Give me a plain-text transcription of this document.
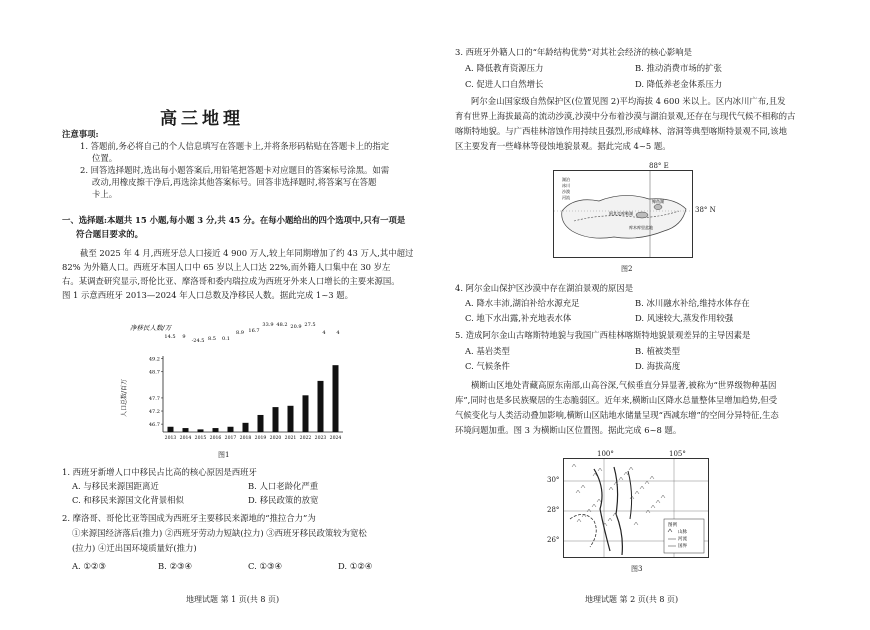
高三地理
注意事项:
1. 答题前,务必将自己的个人信息填写在答题卡上,并将条形码粘贴在答题卡上的指定
位置。
2. 回答选择题时,选出每小题答案后,用铅笔把答题卡对应题目的答案标号涂黑。如需
改动,用橡皮擦干净后,再选涂其他答案标号。回答非选择题时,将答案写在答题
卡上。
一、选择题:本题共 15 小题,每小题 3 分,共 45 分。在每小题给出的四个选项中,只有一项是
符合题目要求的。
截至 2025 年 4 月,西班牙总人口接近 4 900 万人,较上年同期增加了约 43 万人,其中超过
82% 为外籍人口。西班牙本国人口中 65 岁以上人口达 22%,而外籍人口集中在 30 岁左
右。某调查研究显示,哥伦比亚、摩洛哥和委内瑞拉成为西班牙外来人口增长的主要来源国。
图 1 示意西班牙 2013—2024 年人口总数及净移民人数。据此完成 1~3 题。
净移民人数/万
14.5 9
-24.5 8.5 0.1
8.9 16.7
33.9 48.2 20.9 27.5
4 4
49.2
48.7
47.7
47.2
46.7
人口总数/百万
2013 2014 2015 2016 2017 2018 2019 2020 2021 2022 2023 2024
图1
1. 西班牙新增人口中移民占比高的核心原因是西班牙
A. 与移民来源国距离近	B. 人口老龄化严重
C. 和移民来源国文化背景相似	D. 移民政策的放宽
2. 摩洛哥、哥伦比亚等国成为西班牙主要移民来源地的“推拉合力”为
①来源国经济落后(推力) ②西班牙劳动力短缺(拉力) ③西班牙移民政策较为宽松
(拉力) ④迁出国环境质量好(推力)
A. ①②③	B. ②③④	C. ①③④	D. ①②④
地理试题 第 1 页(共 8 页)
3. 西班牙外籍人口的“年龄结构优势”对其社会经济的核心影响是
A. 降低教育资源压力	B. 推动消费市场的扩张
C. 促进人口自然增长	D. 降低养老金体系压力
阿尔金山国家级自然保护区(位置见图 2)平均海拔 4 600 米以上。区内冰川广布,且发
育有世界上海拔最高的流动沙漠,沙漠中分布着沙漠与湖泊景观,还存在与现代气候不相称的古
喀斯特地貌。与广西桂林溶蚀作用持续且强烈,形成峰林、溶洞等典型喀斯特景观不同,该地
区主要发育一些峰林等侵蚀地貌景观。据此完成 4~5 题。
湖泊
冰川
沙漠
河流
阿其克库勒湖
库木库里盆地
鲸鱼湖
88° E
38° N
图2
4. 阿尔金山保护区沙漠中存在湖泊景观的原因是
A. 降水丰沛,湖泊补给水源充足	B. 冰川融水补给,维持水体存在
C. 地下水出露,补充地表水体	D. 风速较大,蒸发作用较强
5. 造成阿尔金山古喀斯特地貌与我国广西桂林喀斯特地貌景观差异的主导因素是
A. 基岩类型	B. 植被类型
C. 气候条件	D. 海拔高度
横断山区地处青藏高原东南部,山高谷深,气候垂直分异显著,被称为“世界级物种基因
库”,同时也是多民族聚居的生态脆弱区。近年来,横断山区降水总量整体呈增加趋势,但受
气候变化与人类活动叠加影响,横断山区陆地水储量呈现“西减东增”的空间分异特征,生态
环境问题加重。图 3 为横断山区位置图。据此完成 6~8 题。
图例
山脉
河流
国界
100°	105°
30°
28°
26°
图3
地理试题 第 2 页(共 8 页)
